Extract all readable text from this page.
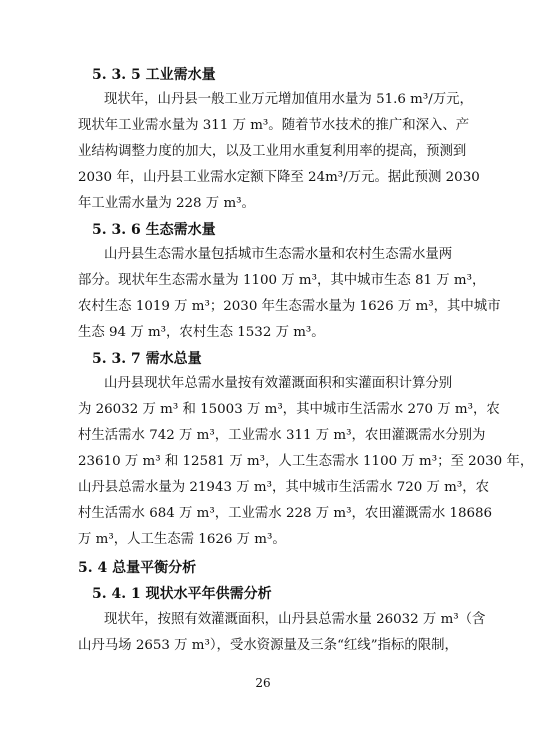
5. 3. 5 工业需水量
现状年，山丹县一般工业万元增加值用水量为 51.6 m³/万元，
现状年工业需水量为 311 万 m³。随着节水技术的推广和深入、产
业结构调整力度的加大，以及工业用水重复利用率的提高，预测到
2030 年，山丹县工业需水定额下降至 24m³/万元。据此预测 2030
年工业需水量为 228 万 m³。
5. 3. 6 生态需水量
山丹县生态需水量包括城市生态需水量和农村生态需水量两
部分。现状年生态需水量为 1100 万 m³，其中城市生态 81 万 m³，
农村生态 1019 万 m³；2030 年生态需水量为 1626 万 m³，其中城市
生态 94 万 m³，农村生态 1532 万 m³。
5. 3. 7 需水总量
山丹县现状年总需水量按有效灌溉面积和实灌面积计算分别
为 26032 万 m³ 和 15003 万 m³，其中城市生活需水 270 万 m³，农
村生活需水 742 万 m³，工业需水 311 万 m³，农田灌溉需水分别为
23610 万 m³ 和 12581 万 m³，人工生态需水 1100 万 m³；至 2030 年，
山丹县总需水量为 21943 万 m³，其中城市生活需水 720 万 m³，农
村生活需水 684 万 m³，工业需水 228 万 m³，农田灌溉需水 18686
万 m³，人工生态需 1626 万 m³。
5. 4 总量平衡分析
5. 4. 1 现状水平年供需分析
现状年，按照有效灌溉面积，山丹县总需水量 26032 万 m³（含
山丹马场 2653 万 m³），受水资源量及三条“红线”指标的限制，
26
